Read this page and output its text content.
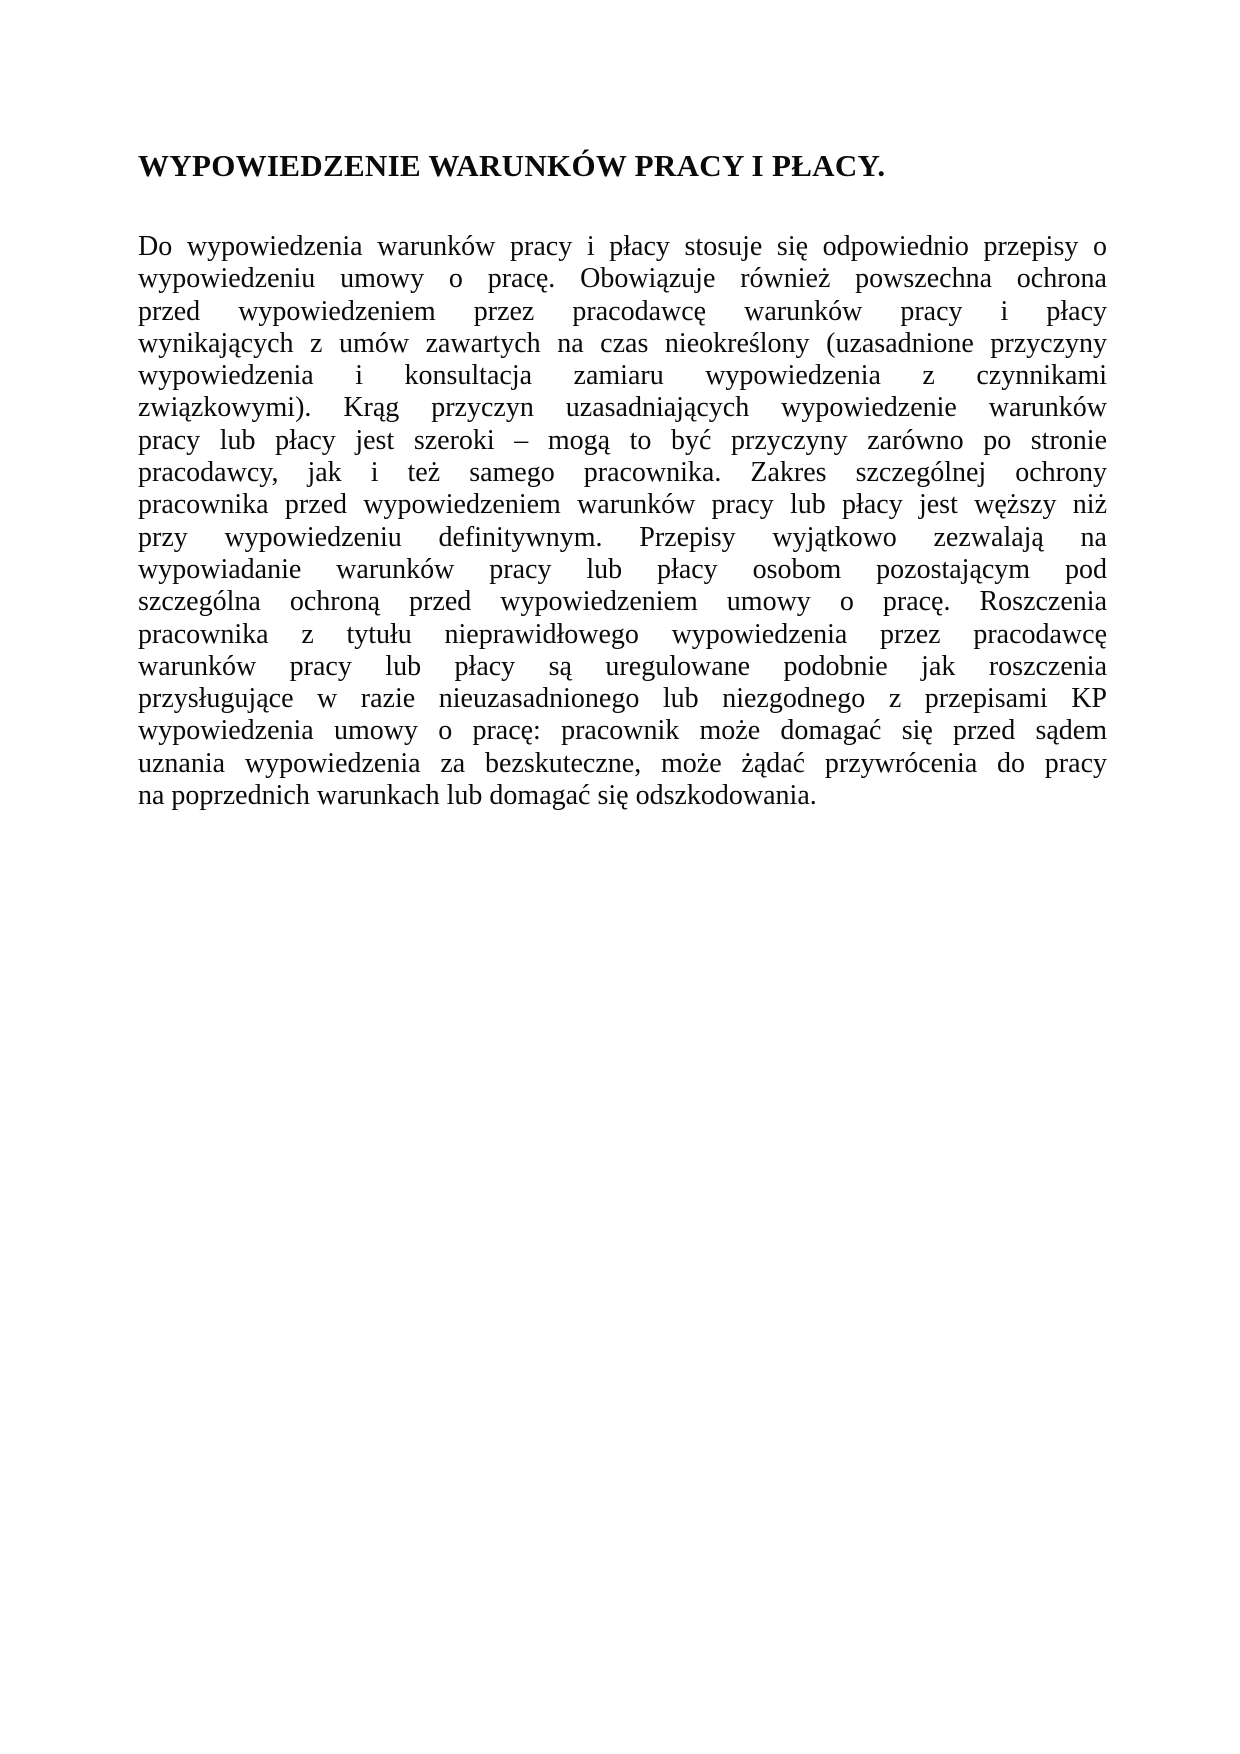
WYPOWIEDZENIE WARUNKÓW PRACY I PŁACY.
Do wypowiedzenia warunków pracy i płacy stosuje się odpowiednio przepisy o
wypowiedzeniu umowy o pracę. Obowiązuje również powszechna ochrona
przed wypowiedzeniem przez pracodawcę warunków pracy i płacy
wynikających z umów zawartych na czas nieokreślony (uzasadnione przyczyny
wypowiedzenia i konsultacja zamiaru wypowiedzenia z czynnikami
związkowymi). Krąg przyczyn uzasadniających wypowiedzenie warunków
pracy lub płacy jest szeroki – mogą to być przyczyny zarówno po stronie
pracodawcy, jak i też samego pracownika. Zakres szczególnej ochrony
pracownika przed wypowiedzeniem warunków pracy lub płacy jest węższy niż
przy wypowiedzeniu definitywnym. Przepisy wyjątkowo zezwalają na
wypowiadanie warunków pracy lub płacy osobom pozostającym pod
szczególna ochroną przed wypowiedzeniem umowy o pracę. Roszczenia
pracownika z tytułu nieprawidłowego wypowiedzenia przez pracodawcę
warunków pracy lub płacy są uregulowane podobnie jak roszczenia
przysługujące w razie nieuzasadnionego lub niezgodnego z przepisami KP
wypowiedzenia umowy o pracę: pracownik może domagać się przed sądem
uznania wypowiedzenia za bezskuteczne, może żądać przywrócenia do pracy
na poprzednich warunkach lub domagać się odszkodowania.
